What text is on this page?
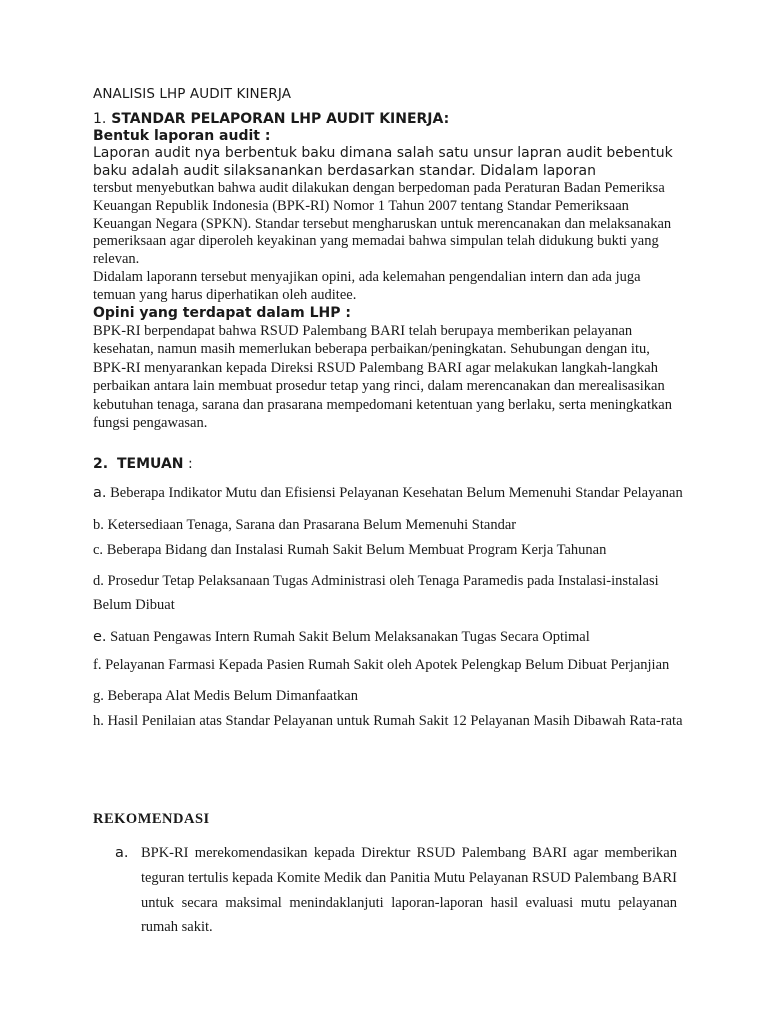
ANALISIS LHP AUDIT KINERJA
1. STANDAR PELAPORAN LHP AUDIT KINERJA:
Bentuk laporan audit :
Laporan audit nya berbentuk baku dimana salah satu unsur lapran audit bebentuk baku adalah audit silaksanankan berdasarkan standar. Didalam laporan
tersbut menyebutkan bahwa audit dilakukan dengan berpedoman pada Peraturan Badan Pemeriksa Keuangan Republik Indonesia (BPK-RI) Nomor 1 Tahun 2007 tentang Standar Pemeriksaan Keuangan Negara (SPKN). Standar tersebut mengharuskan untuk merencanakan dan melaksanakan pemeriksaan agar diperoleh keyakinan yang memadai bahwa simpulan telah didukung bukti yang relevan.
Didalam laporann tersebut menyajikan opini, ada kelemahan pengendalian intern dan ada juga temuan yang harus diperhatikan oleh auditee.
Opini yang terdapat dalam LHP :
BPK-RI berpendapat bahwa RSUD Palembang BARI telah berupaya memberikan pelayanan kesehatan, namun masih memerlukan beberapa perbaikan/peningkatan. Sehubungan dengan itu, BPK-RI menyarankan kepada Direksi RSUD Palembang BARI agar melakukan langkah-langkah perbaikan antara lain membuat prosedur tetap yang rinci, dalam merencanakan dan merealisasikan kebutuhan tenaga, sarana dan prasarana mempedomani ketentuan yang berlaku, serta meningkatkan fungsi pengawasan.
2. TEMUAN :

a. Beberapa Indikator Mutu dan Efisiensi Pelayanan Kesehatan Belum Memenuhi Standar Pelayanan

b. Ketersediaan Tenaga, Sarana dan Prasarana Belum Memenuhi Standar

c. Beberapa Bidang dan Instalasi Rumah Sakit Belum Membuat Program Kerja Tahunan

d. Prosedur Tetap Pelaksanaan Tugas Administrasi oleh Tenaga Paramedis pada Instalasi-instalasi Belum Dibuat

e. Satuan Pengawas Intern Rumah Sakit Belum Melaksanakan Tugas Secara Optimal

f. Pelayanan Farmasi Kepada Pasien Rumah Sakit oleh Apotek Pelengkap Belum Dibuat Perjanjian

g. Beberapa Alat Medis Belum Dimanfaatkan

h. Hasil Penilaian atas Standar Pelayanan untuk Rumah Sakit 12 Pelayanan Masih Dibawah Rata-rata

REKOMENDASI
a. BPK-RI merekomendasikan kepada Direktur RSUD Palembang BARI agar memberikan teguran tertulis kepada Komite Medik dan Panitia Mutu Pelayanan RSUD Palembang BARI untuk secara maksimal menindaklanjuti laporan-laporan hasil evaluasi mutu pelayanan rumah sakit.
